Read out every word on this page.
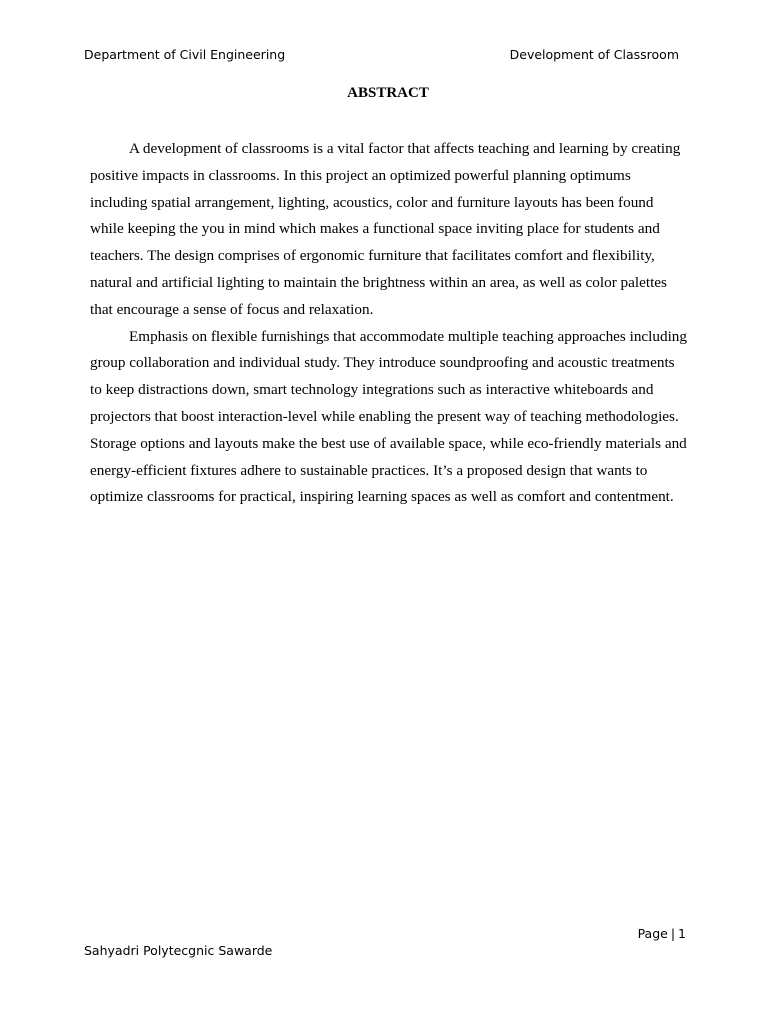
Department of Civil Engineering	Development of Classroom
ABSTRACT

A development of classrooms is a vital factor that affects teaching and learning by creating positive impacts in classrooms. In this project an optimized powerful planning optimums including spatial arrangement, lighting, acoustics, color and furniture layouts has been found while keeping the you in mind which makes a functional space inviting place for students and teachers. The design comprises of ergonomic furniture that facilitates comfort and flexibility, natural and artificial lighting to maintain the brightness within an area, as well as color palettes that encourage a sense of focus and relaxation.

Emphasis on flexible furnishings that accommodate multiple teaching approaches including group collaboration and individual study. They introduce soundproofing and acoustic treatments to keep distractions down, smart technology integrations such as interactive whiteboards and projectors that boost interaction-level while enabling the present way of teaching methodologies. Storage options and layouts make the best use of available space, while eco-friendly materials and energy-efficient fixtures adhere to sustainable practices. It’s a proposed design that wants to optimize classrooms for practical, inspiring learning spaces as well as comfort and contentment.

Page | 1
Sahyadri Polytecgnic Sawarde
